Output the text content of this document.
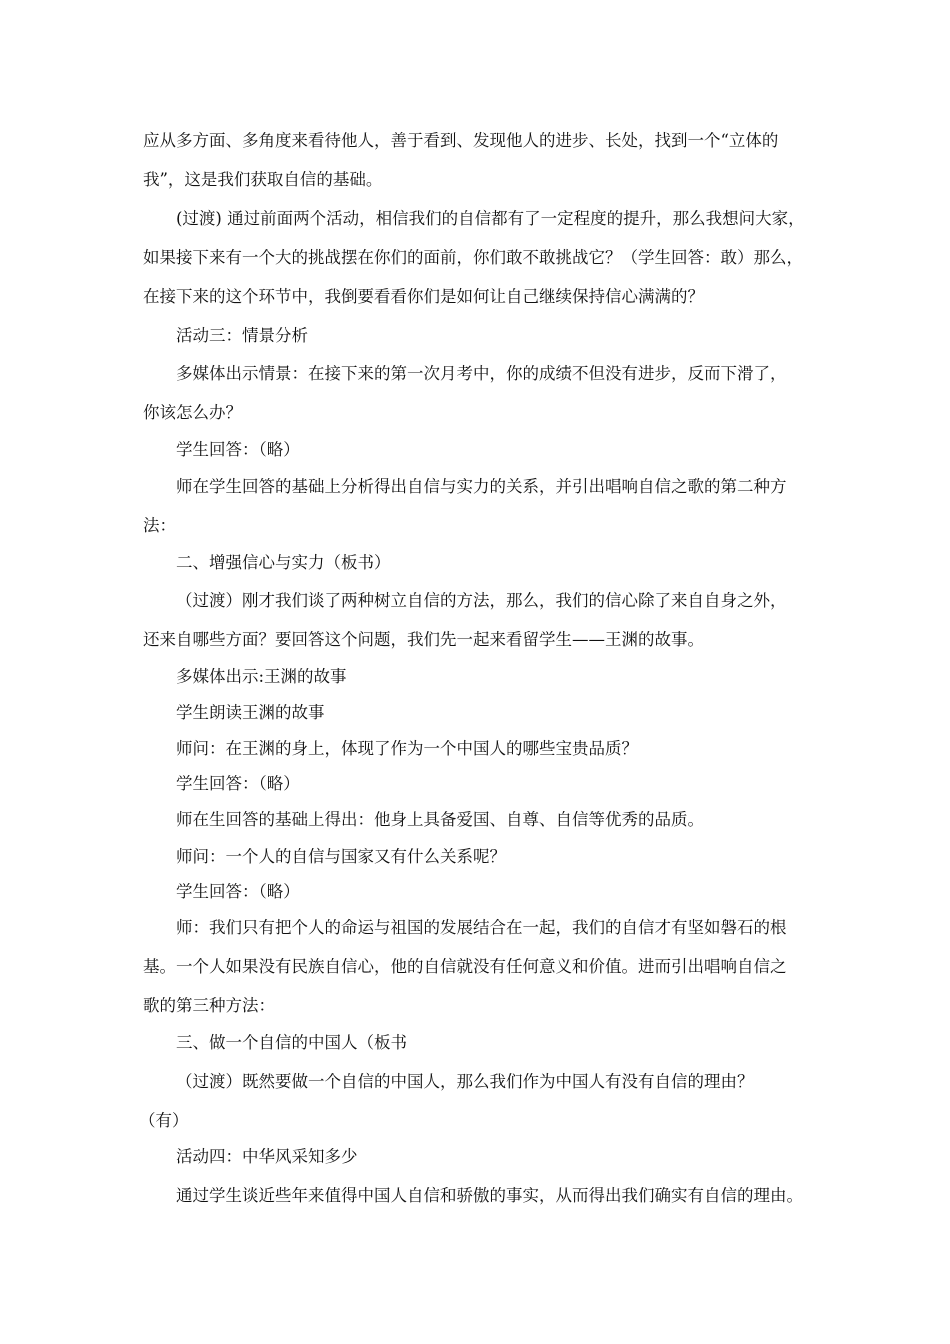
应从多方面、多角度来看待他人，善于看到、发现他人的进步、长处，找到一个“立体的
我”，这是我们获取自信的基础。
(过渡) 通过前面两个活动，相信我们的自信都有了一定程度的提升，那么我想问大家，
如果接下来有一个大的挑战摆在你们的面前，你们敢不敢挑战它？（学生回答：敢）那么，
在接下来的这个环节中，我倒要看看你们是如何让自己继续保持信心满满的？
活动三：情景分析
多媒体出示情景：在接下来的第一次月考中，你的成绩不但没有进步，反而下滑了，
你该怎么办？
学生回答：（略）
师在学生回答的基础上分析得出自信与实力的关系，并引出唱响自信之歌的第二种方
法：
二、增强信心与实力（板书）
（过渡）刚才我们谈了两种树立自信的方法，那么，我们的信心除了来自自身之外，
还来自哪些方面？要回答这个问题，我们先一起来看留学生——王渊的故事。
多媒体出示:王渊的故事
学生朗读王渊的故事
师问：在王渊的身上，体现了作为一个中国人的哪些宝贵品质？
学生回答：（略）
师在生回答的基础上得出：他身上具备爱国、自尊、自信等优秀的品质。
师问：一个人的自信与国家又有什么关系呢？
学生回答：（略）
师：我们只有把个人的命运与祖国的发展结合在一起，我们的自信才有坚如磐石的根
基。一个人如果没有民族自信心，他的自信就没有任何意义和价值。进而引出唱响自信之
歌的第三种方法：
三、做一个自信的中国人（板书
（过渡）既然要做一个自信的中国人，那么我们作为中国人有没有自信的理由？
（有）
活动四：中华风采知多少
通过学生谈近些年来值得中国人自信和骄傲的事实，从而得出我们确实有自信的理由。
